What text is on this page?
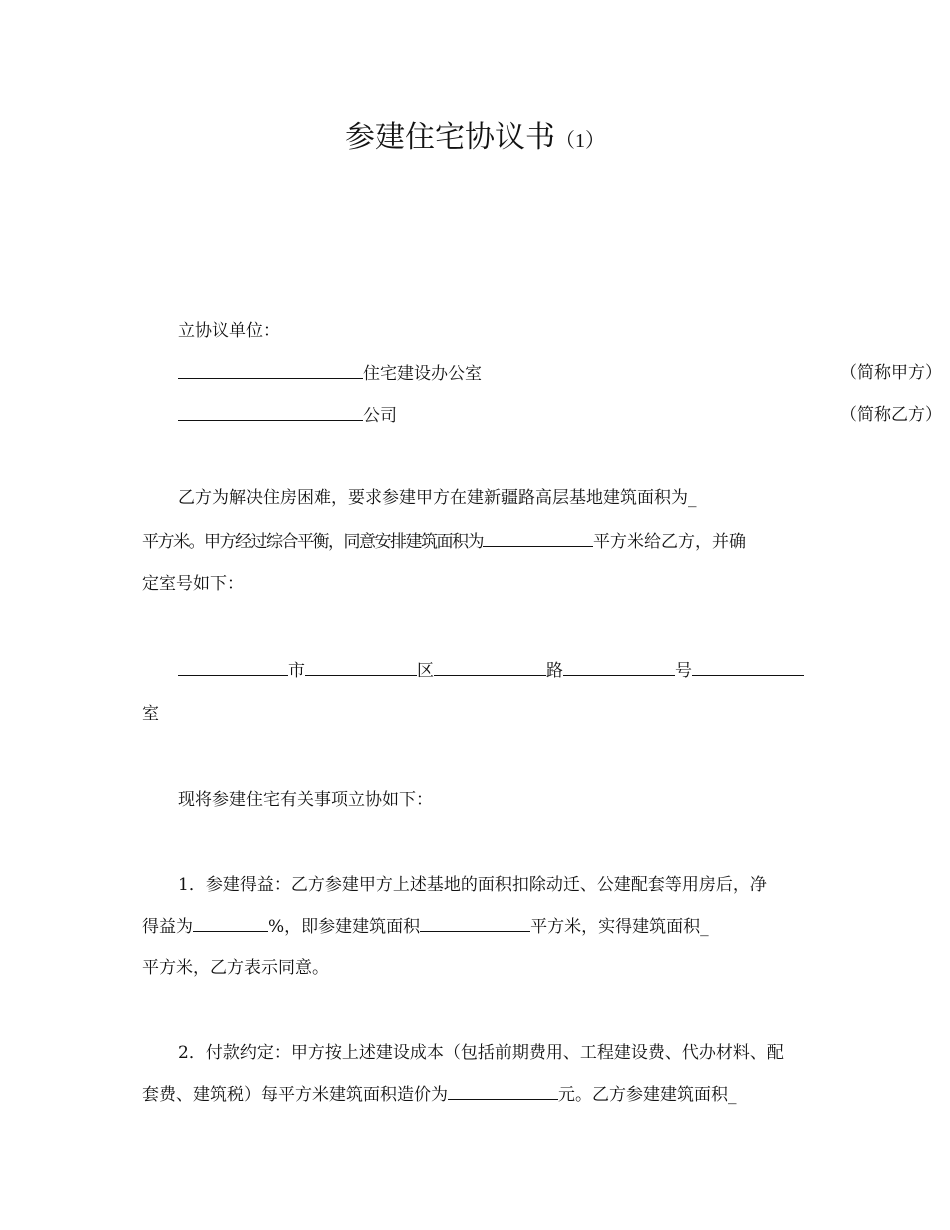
参建住宅协议书（1）
立协议单位：
住宅建设办公室	（简称甲方）
公司	（简称乙方）
乙方为解决住房困难，要求参建甲方在建新疆路高层基地建筑面积为_
平方米。甲方经过综合平衡，同意安排建筑面积为	平方米给乙方，并确
定室号如下：
市	区	路	号
室
现将参建住宅有关事项立协如下：
1．参建得益：乙方参建甲方上述基地的面积扣除动迁、公建配套等用房后，净
得益为	%，即参建建筑面积	平方米，实得建筑面积_
平方米，乙方表示同意。
2．付款约定：甲方按上述建设成本（包括前期费用、工程建设费、代办材料、配
套费、建筑税）每平方米建筑面积造价为	元。乙方参建建筑面积_
